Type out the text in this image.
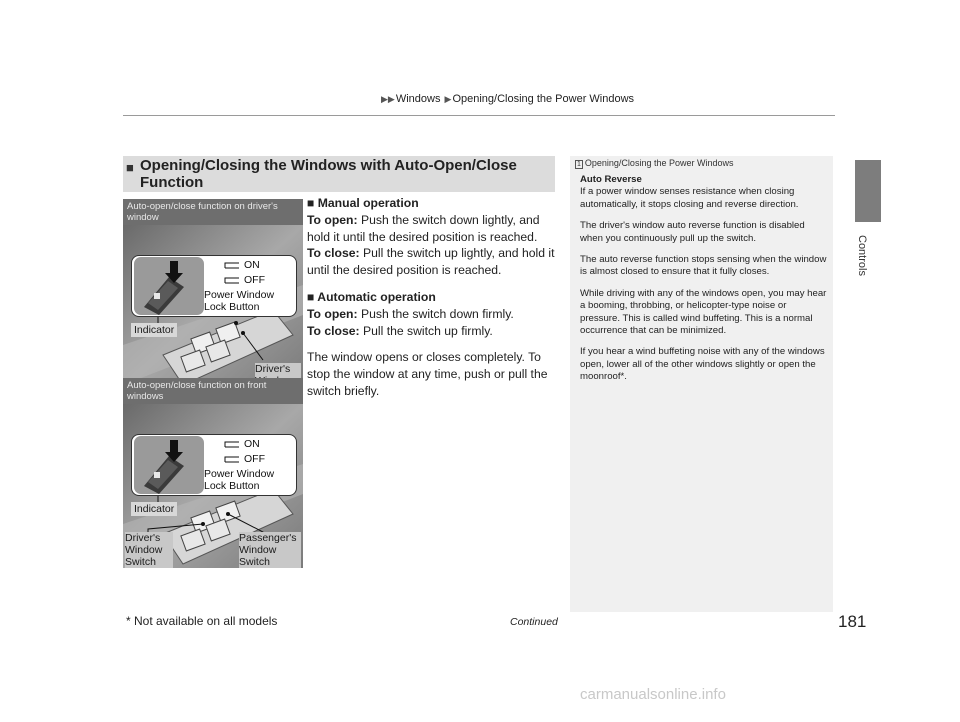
▶▶Windows ▶Opening/Closing the Power Windows
Controls
■ Opening/Closing the Windows with Auto-Open/Close Function
Auto-open/close function on driver's window
ON
OFF
Power Window Lock Button
Indicator
Driver's
Auto-open/close function on front windows
ON
OFF
Power Window Lock Button
Indicator
Driver's Window Switch
Passenger's Window Switch

■ Manual operation

To open: Push the switch down lightly, and hold it until the desired position is reached.

To close: Pull the switch up lightly, and hold it until the desired position is reached.

■ Automatic operation

To open: Push the switch down firmly.

To close: Pull the switch up firmly.

The window opens or closes completely. To stop the window at any time, push or pull the switch briefly.

1 Opening/Closing the Power Windows

Auto Reverse

If a power window senses resistance when closing automatically, it stops closing and reverse direction.

The driver's window auto reverse function is disabled when you continuously pull up the switch.

The auto reverse function stops sensing when the window is almost closed to ensure that it fully closes.

While driving with any of the windows open, you may hear a booming, throbbing, or helicopter-type noise or pressure. This is called wind buffeting. This is a normal occurrence that can be minimized.

If you hear a wind buffeting noise with any of the windows open, lower all of the other windows slightly or open the moonroof*.

* Not available on all models	Continued	181
carmanualsonline.info
